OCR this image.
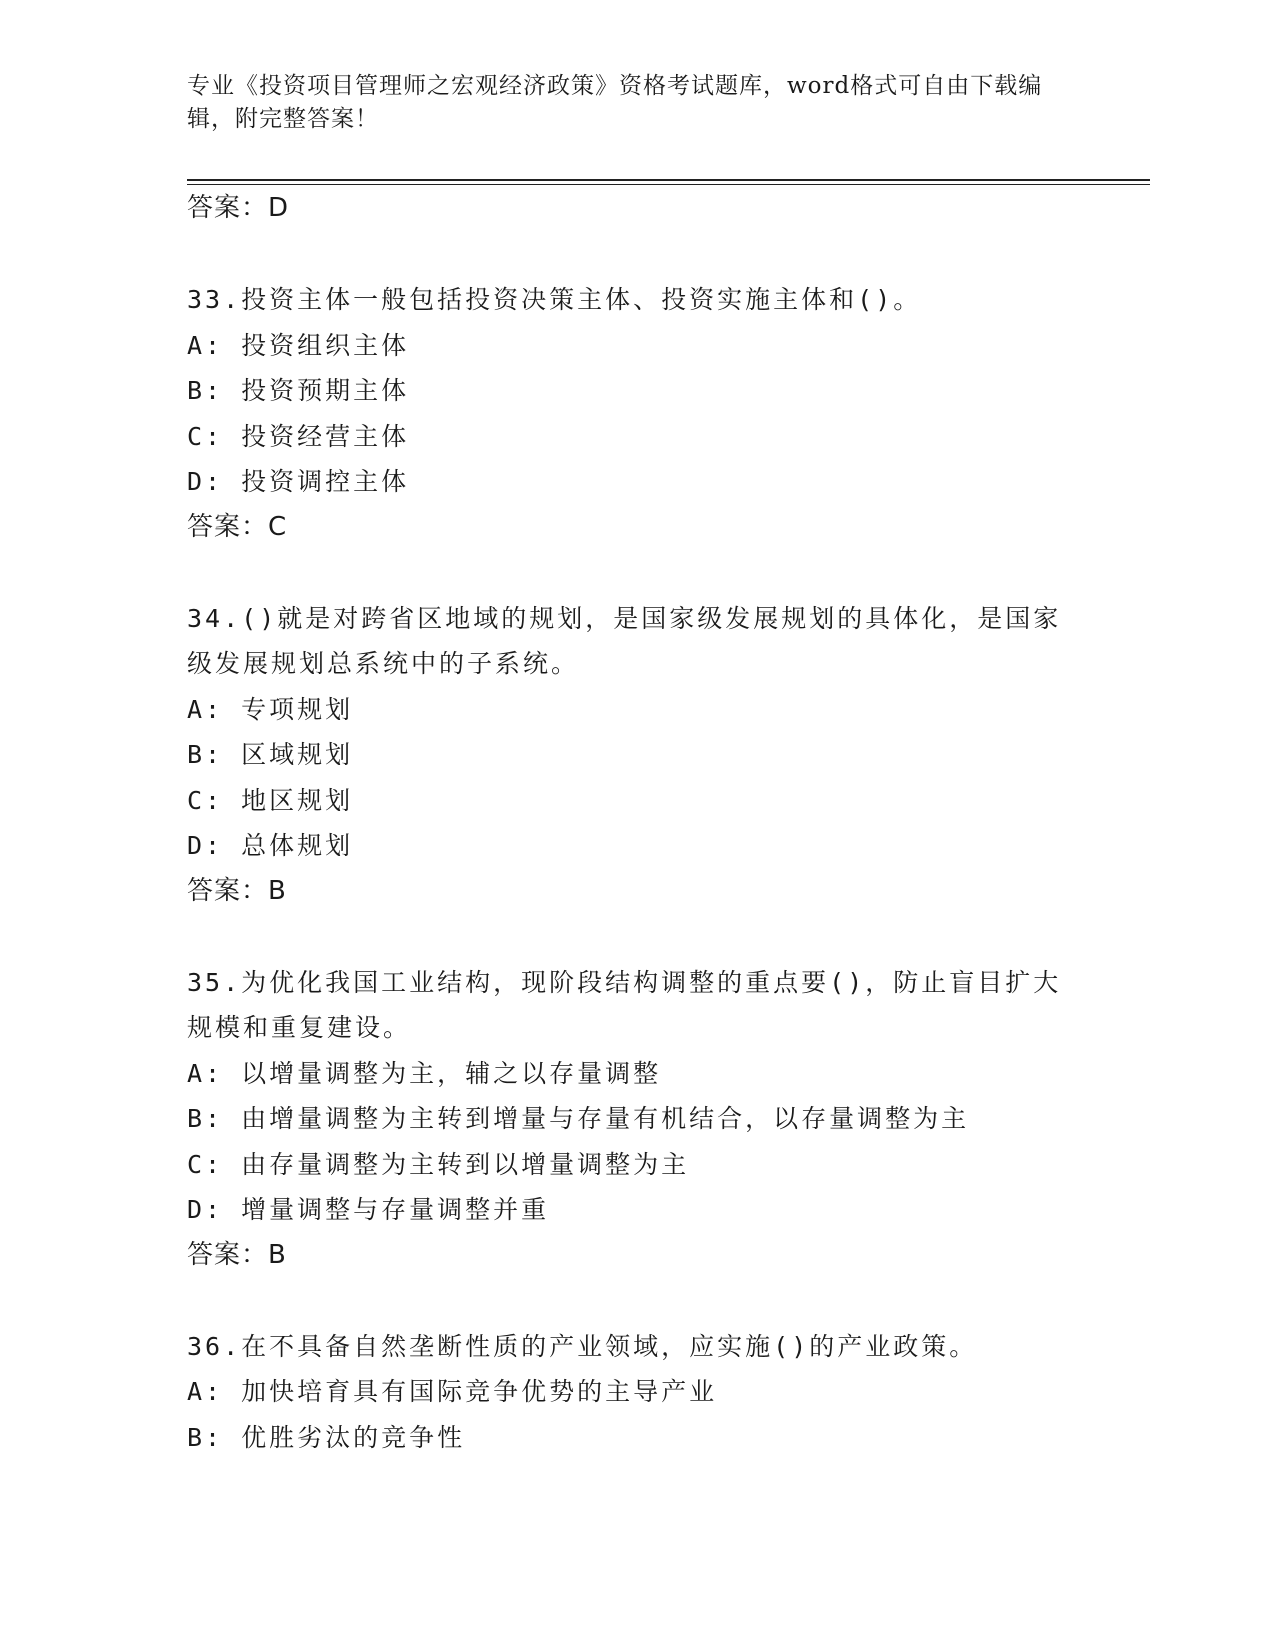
专业《投资项目管理师之宏观经济政策》资格考试题库，word格式可自由下载编辑，附完整答案！
答案：D
33.投资主体一般包括投资决策主体、投资实施主体和()。
A: 投资组织主体
B: 投资预期主体
C: 投资经营主体
D: 投资调控主体
答案：C
34.()就是对跨省区地域的规划，是国家级发展规划的具体化，是国家级发展规划总系统中的子系统。
A: 专项规划
B: 区域规划
C: 地区规划
D: 总体规划
答案：B
35.为优化我国工业结构，现阶段结构调整的重点要()，防止盲目扩大规模和重复建设。
A: 以增量调整为主，辅之以存量调整
B: 由增量调整为主转到增量与存量有机结合，以存量调整为主
C: 由存量调整为主转到以增量调整为主
D: 增量调整与存量调整并重
答案：B
36.在不具备自然垄断性质的产业领域，应实施()的产业政策。
A: 加快培育具有国际竞争优势的主导产业
B: 优胜劣汰的竞争性
